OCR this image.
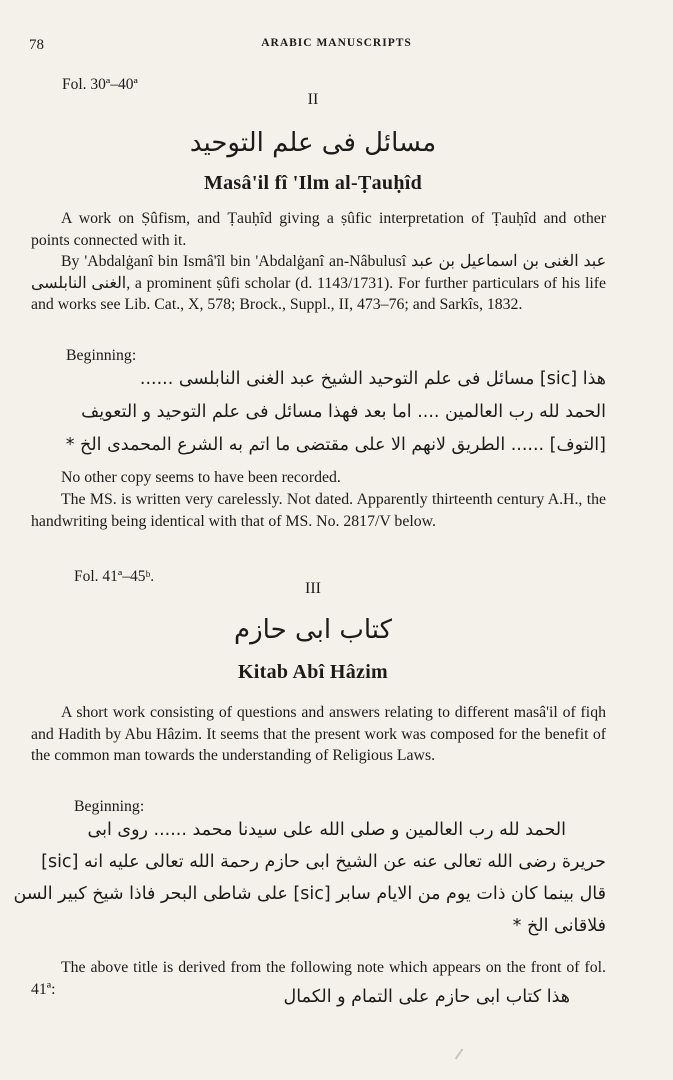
78	ARABIC MANUSCRIPTS
Fol. 30ª–40ª
II
مسائل فى علم التوحيد
Masâ'il fî 'Ilm al-Ṭauḥîd
A work on Ṣûfism, and Ṭauḥîd giving a ṣûfic interpretation of Ṭauḥîd and other points connected with it.
By 'Abdalġanî bin Ismâ'îl bin 'Abdalġanî an-Nâbulusî عبد الغنى بن اسماعيل بن عبد الغنى النابلسى, a prominent ṣûfi scholar (d. 1143/1731). For further particulars of his life and works see Lib. Cat., X, 578; Brock., Suppl., II, 473–76; and Sarkîs, 1832.
Beginning:
هذا [sic] مسائل فى علم التوحيد الشيخ عبد الغنى النابلسى ......
الحمد لله رب العالمين .... اما بعد فهذا مسائل فى علم التوحيد و التعويف
[التوف] ...... الطريق لانهم الا على مقتضى ما اتم به الشرع المحمدى الخ *
No other copy seems to have been recorded.
The MS. is written very carelessly. Not dated. Apparently thirteenth century A.H., the handwriting being identical with that of MS. No. 2817/V below.
Fol. 41ª–45ᵇ.
III
كتاب ابى حازم
Kitab Abî Hâzim
A short work consisting of questions and answers relating to different masâ'il of fiqh and Hadith by Abu Hâzim. It seems that the present work was composed for the benefit of the common man towards the understanding of Religious Laws.
Beginning:
الحمد لله رب العالمين و صلى الله على سيدنا محمد ...... روى ابى
حريرة رضى الله تعالى عنه عن الشيخ ابى حازم رحمة الله تعالى عليه انه [sic]
قال بينما كان ذات يوم من الايام سابر [sic] على شاطى البحر فاذا شيخ كبير السن
فلاقانى الخ *
The above title is derived from the following note which appears on the front of fol. 41ª:	هذا كتاب ابى حازم على التمام و الكمال
